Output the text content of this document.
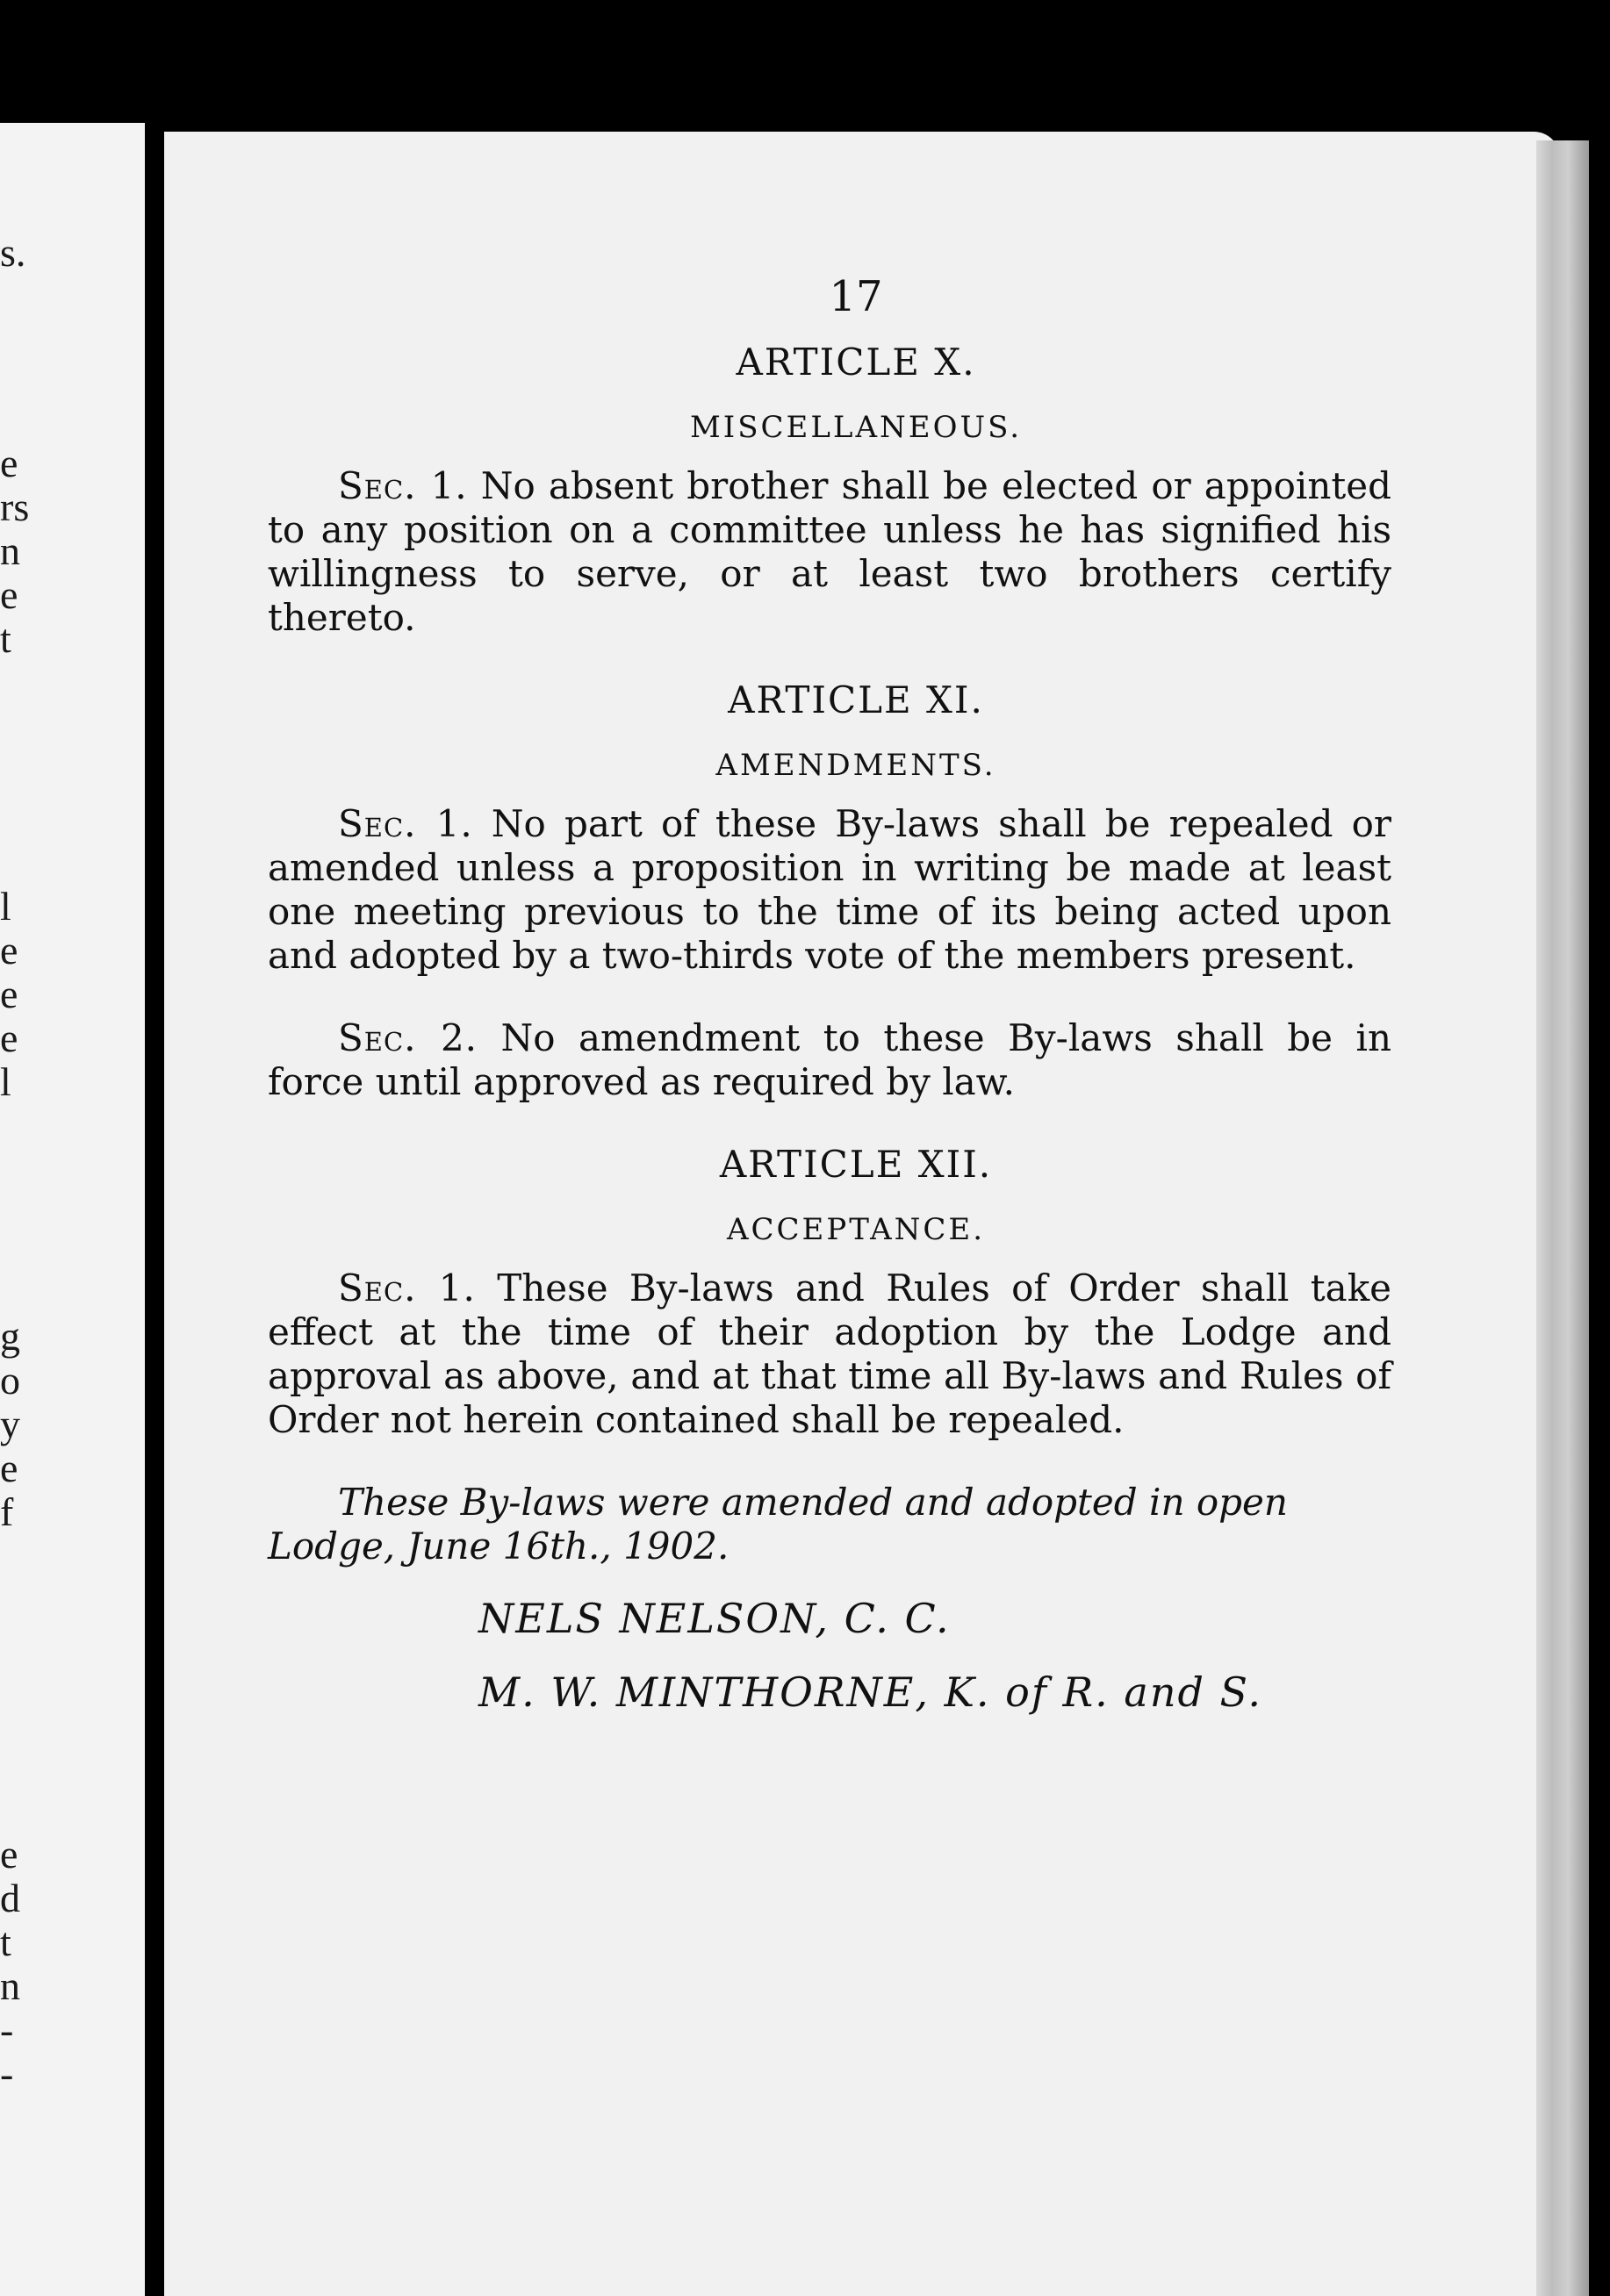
s.
e
rs
n
e
t
l
e
e
e
l
g
o
y
e
f
e
d
t
n
-
-
17
ARTICLE X.
MISCELLANEOUS.

Sec. 1. No absent brother shall be elected or appointed to any position on a committee unless he has signified his willingness to serve, or at least two brothers certify thereto.

ARTICLE XI.
AMENDMENTS.

Sec. 1. No part of these By-laws shall be repealed or amended unless a proposition in writing be made at least one meeting previous to the time of its being acted upon and adopted by a two-thirds vote of the members present.

Sec. 2. No amendment to these By-laws shall be in force until approved as required by law.

ARTICLE XII.
ACCEPTANCE.

Sec. 1. These By-laws and Rules of Order shall take effect at the time of their adoption by the Lodge and approval as above, and at that time all By-laws and Rules of Order not herein contained shall be repealed.

These By-laws were amended and adopted in open Lodge, June 16th., 1902.

NELS NELSON, C. C.
M. W. MINTHORNE, K. of R. and S.
